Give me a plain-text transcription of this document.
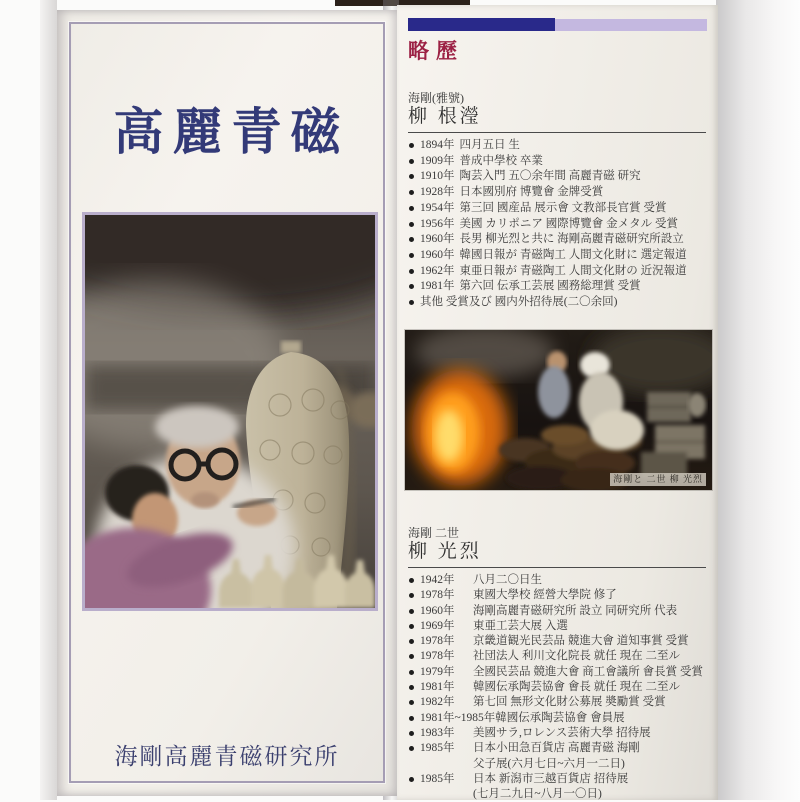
高麗青磁
海剛高麗青磁研究所
略歷
海剛(雅號)
柳 根瀅
1894年 四月五日 生
1909年 普成中學校 卒業
1910年 陶芸入門 五〇余年間 高麗青磁 研究
1928年 日本國別府 博覽會 金牌受賞
1954年 第三回 國産品 展示會 文教部長官賞 受賞
1956年 美國 カリポニア 國際博覽會 金メタル 受賞
1960年 長男 柳光烈と共に 海剛高麗青磁研究所設立
1960年 韓國日報が 青磁陶工 人間文化財に 選定報道
1962年 東亜日報が 青磁陶工 人間文化財の 近況報道
1981年 第六回 伝承工芸展 國務総理賞 受賞
其他 受賞及び 國内外招待展(二〇余回)
海剛と 二世 柳 光烈
海剛 二世
柳 光烈
1942年 八月二〇日生
1978年 東國大學校 經營大學院 修了
1960年 海剛高麗青磁研究所 設立 同研究所 代表
1969年 東亜工芸大展 入選
1978年 京畿道観光民芸品 競進大會 道知事賞 受賞
1978年 社団法人 利川文化院長 就任 現在 二至ル
1979年 全國民芸品 競進大會 商工會議所 會長賞 受賞
1981年 韓國伝承陶芸協會 會長 就任 現在 二至ル
1982年 第七回 無形文化財公募展 奬勵賞 受賞
1981年~1985年韓國伝承陶芸協會 會員展
1983年 美國サラ,ロレンス芸術大學 招待展
1985年 日本小田急百貨店 高麗青磁 海剛
父子展(六月七日~六月一二日)
1985年 日本 新潟市三越百貨店 招待展
(七月二九日~八月一〇日)
